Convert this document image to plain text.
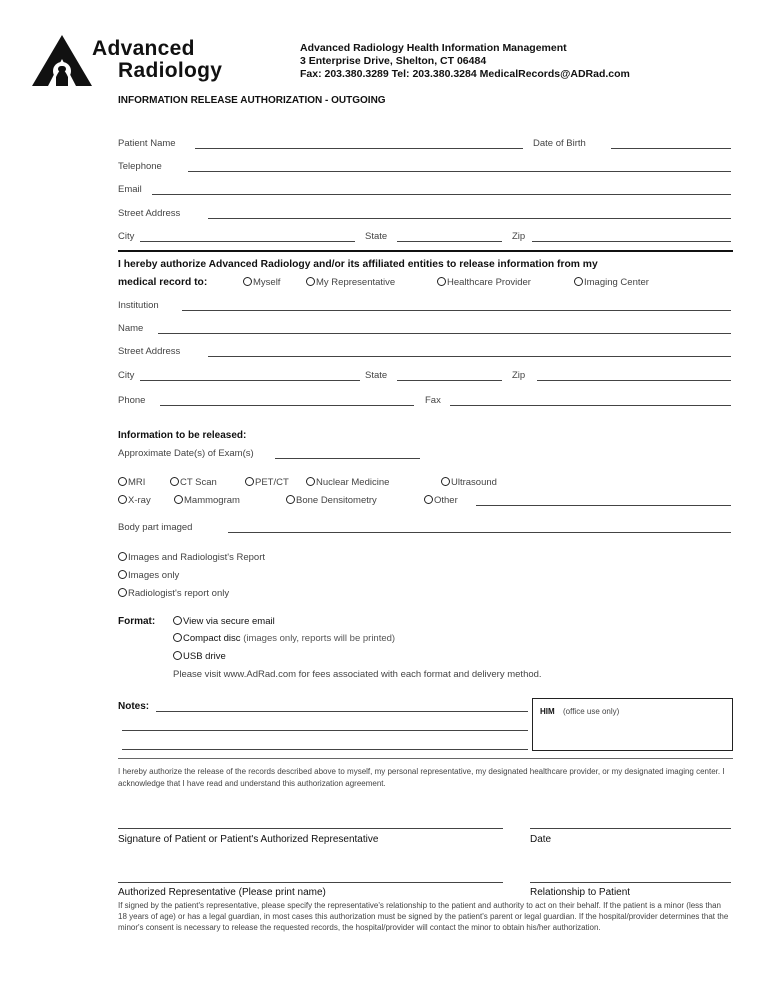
Advanced
Radiology
Advanced Radiology Health Information Management
3 Enterprise Drive, Shelton, CT 06484
Fax: 203.380.3289 Tel: 203.380.3284 MedicalRecords@ADRad.com
INFORMATION RELEASE AUTHORIZATION - OUTGOING
Patient Name	Date of Birth
Telephone
Email
Street Address
City	State	Zip
I hereby authorize Advanced Radiology and/or its affiliated entities to release information from my
medical record to:	Myself	My Representative	Healthcare Provider	Imaging Center
Institution
Name
Street Address
City	State	Zip
Phone	Fax
Information to be released:
Approximate Date(s) of Exam(s)
MRI	CT Scan	PET/CT	Nuclear Medicine	Ultrasound
X-ray	Mammogram	Bone Densitometry	Other
Body part imaged
Images and Radiologist's Report
Images only
Radiologist's report only
Format:	View via secure email
Compact disc (images only, reports will be printed)
USB drive
Please visit www.AdRad.com for fees associated with each format and delivery method.
Notes:	HIM (office use only)
I hereby authorize the release of the records described above to myself, my personal representative, my designated healthcare provider, or my designated imaging center. I acknowledge that I have read and understand this authorization agreement.
Signature of Patient or Patient's Authorized Representative	Date
Authorized Representative (Please print name)	Relationship to Patient
If signed by the patient's representative, please specify the representative's relationship to the patient and authority to act on their behalf. If the patient is a minor (less than 18 years of age) or has a legal guardian, in most cases this authorization must be signed by the patient's parent or legal guardian. If the hospital/provider determines that the minor's consent is necessary to release the requested records, the hospital/provider will contact the minor to obtain his/her authorization.
